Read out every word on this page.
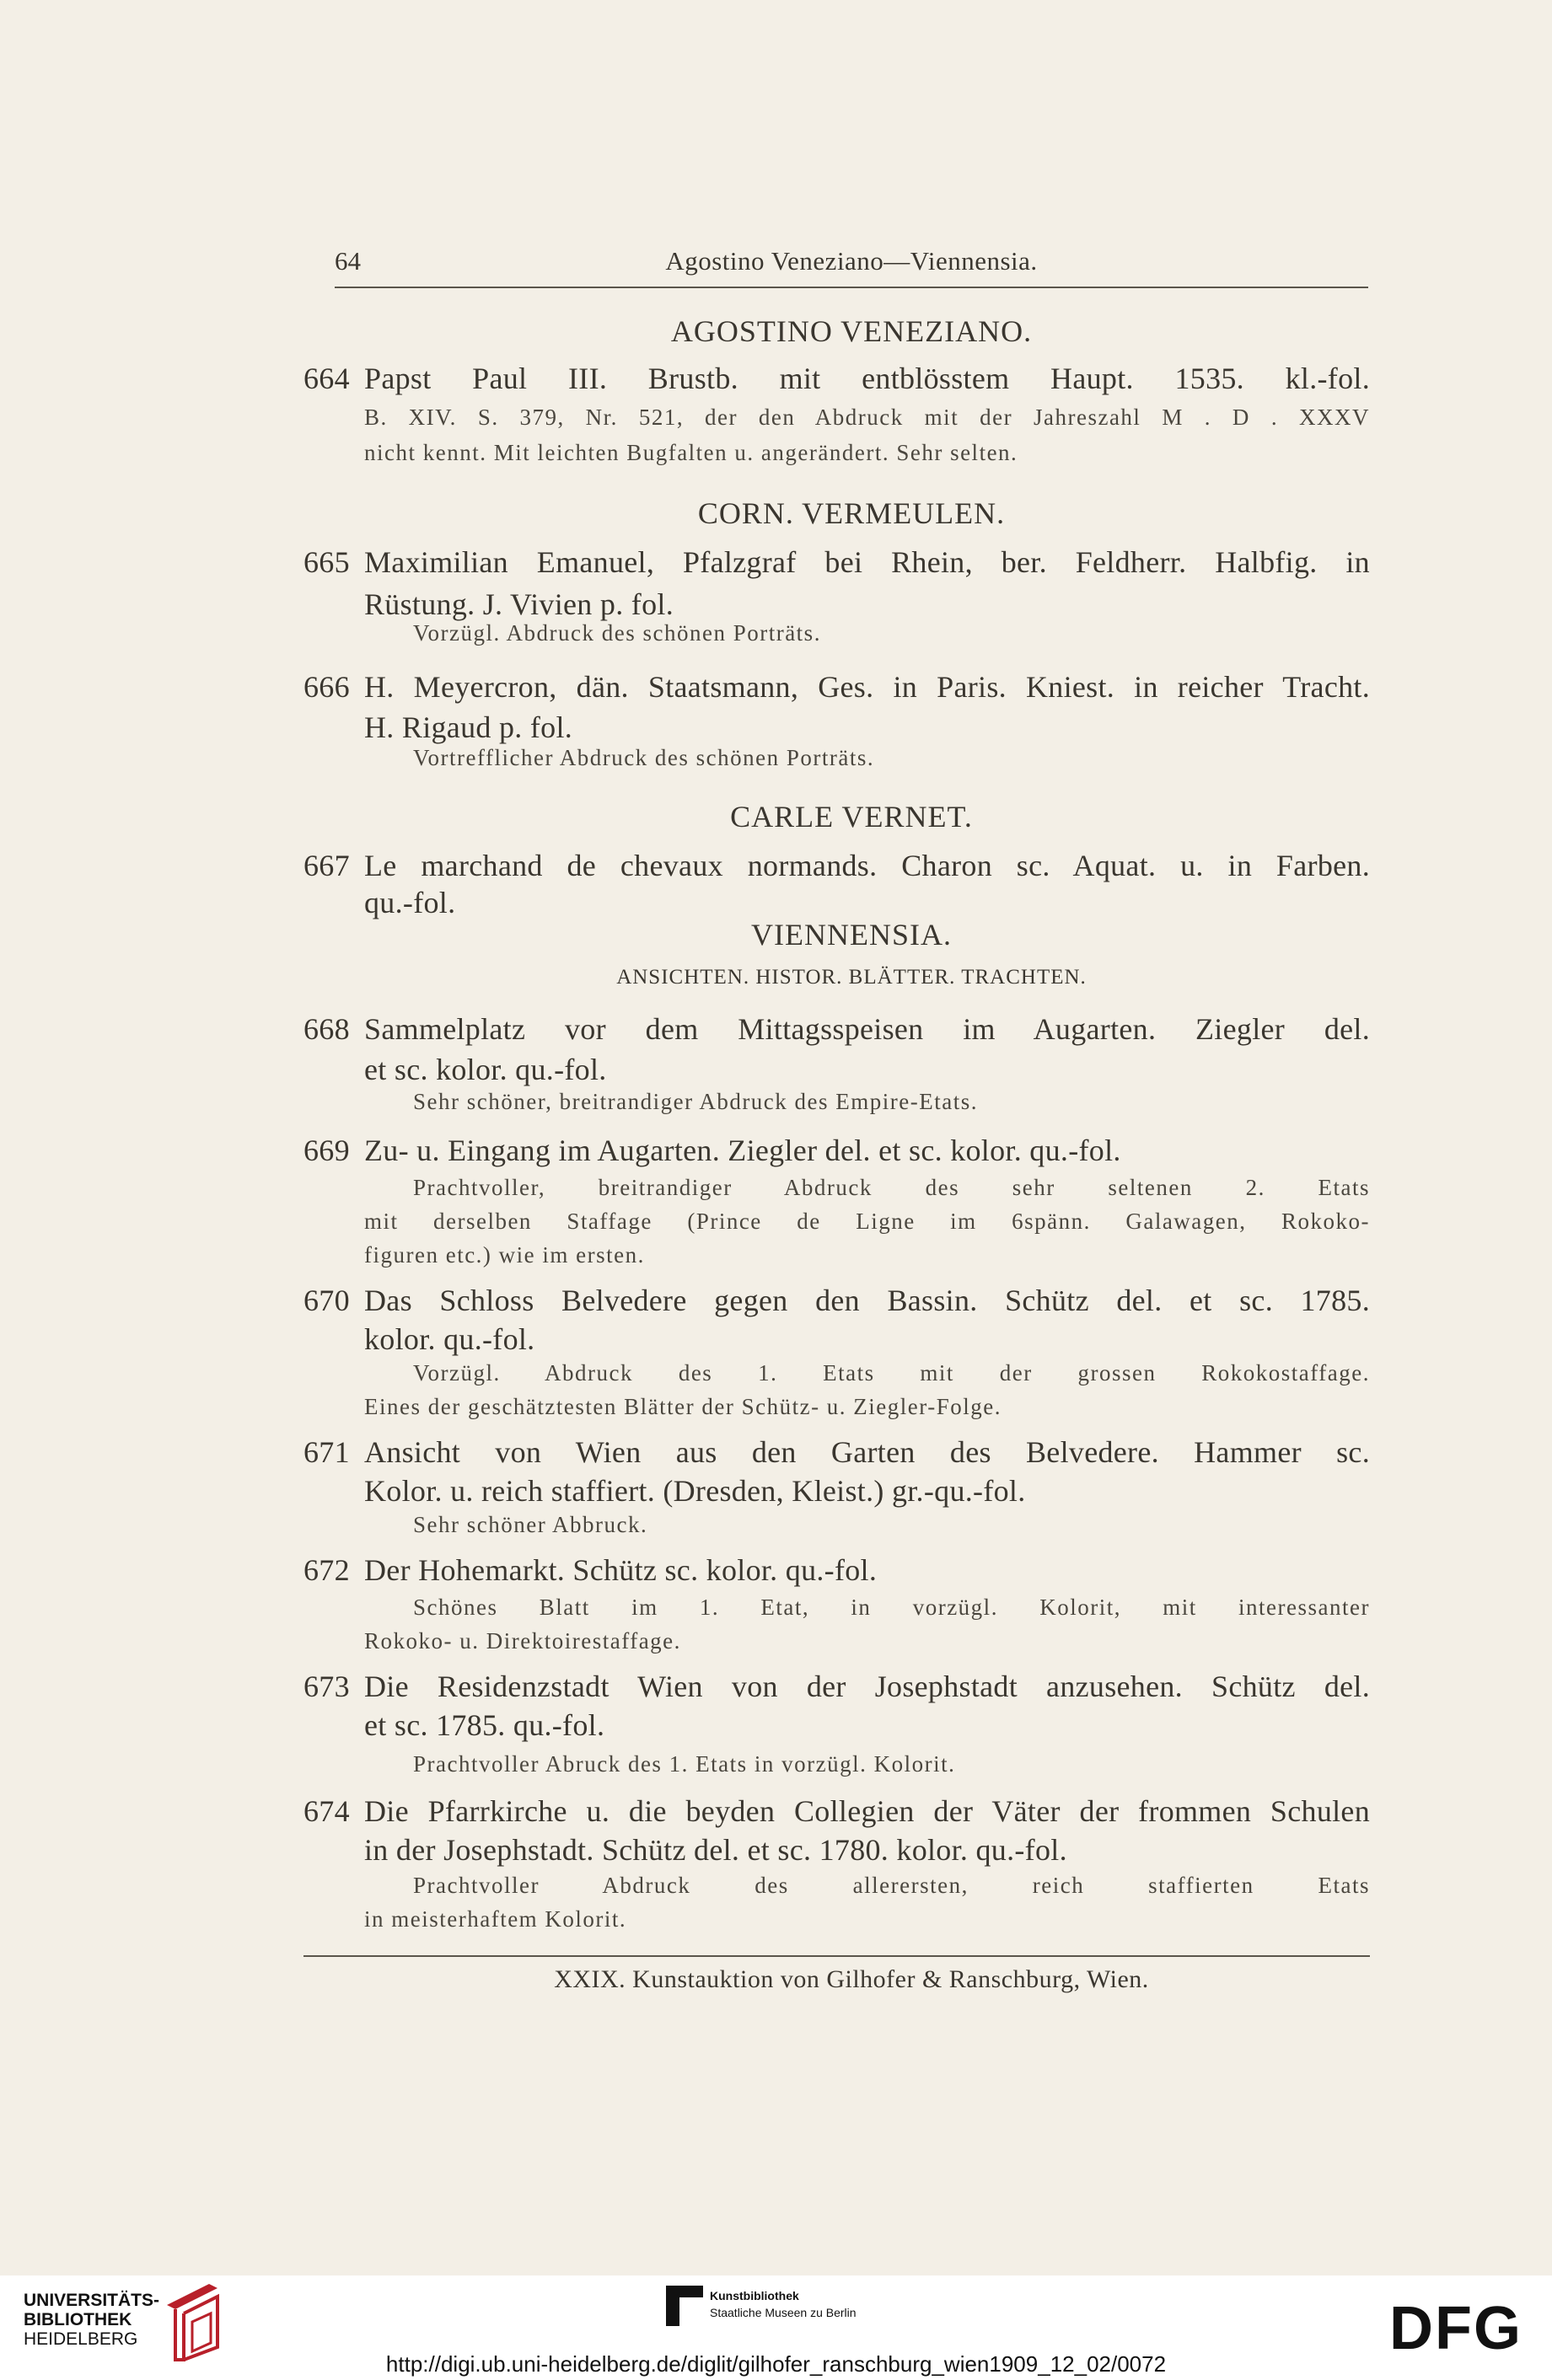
64	Agostino Veneziano—Viennensia.
AGOSTINO VENEZIANO.
664 Papst Paul III. Brustb. mit entblösstem Haupt. 1535. kl.-fol.
B. XIV. S. 379, Nr. 521, der den Abdruck mit der Jahreszahl M . D . XXXV
nicht kennt. Mit leichten Bugfalten u. angerändert. Sehr selten.
CORN. VERMEULEN.
665 Maximilian Emanuel, Pfalzgraf bei Rhein, ber. Feldherr. Halbfig. in
Rüstung. J. Vivien p. fol.
Vorzügl. Abdruck des schönen Porträts.
666 H. Meyercron, dän. Staatsmann, Ges. in Paris. Kniest. in reicher Tracht.
H. Rigaud p. fol.
Vortrefflicher Abdruck des schönen Porträts.
CARLE VERNET.
667 Le marchand de chevaux normands. Charon sc. Aquat. u. in Farben.
qu.-fol.
VIENNENSIA.
ANSICHTEN. HISTOR. BLÄTTER. TRACHTEN.
668 Sammelplatz vor dem Mittagsspeisen im Augarten. Ziegler del.
et sc. kolor. qu.-fol.
Sehr schöner, breitrandiger Abdruck des Empire-Etats.
669 Zu- u. Eingang im Augarten. Ziegler del. et sc. kolor. qu.-fol.
Prachtvoller, breitrandiger Abdruck des sehr seltenen 2. Etats
mit derselben Staffage (Prince de Ligne im 6spänn. Galawagen, Rokoko-
figuren etc.) wie im ersten.
670 Das Schloss Belvedere gegen den Bassin. Schütz del. et sc. 1785.
kolor. qu.-fol.
Vorzügl. Abdruck des 1. Etats mit der grossen Rokokostaffage.
Eines der geschätztesten Blätter der Schütz- u. Ziegler-Folge.
671 Ansicht von Wien aus den Garten des Belvedere. Hammer sc.
Kolor. u. reich staffiert. (Dresden, Kleist.) gr.-qu.-fol.
Sehr schöner Abbruck.
672 Der Hohemarkt. Schütz sc. kolor. qu.-fol.
Schönes Blatt im 1. Etat, in vorzügl. Kolorit, mit interessanter
Rokoko- u. Direktoirestaffage.
673 Die Residenzstadt Wien von der Josephstadt anzusehen. Schütz del.
et sc. 1785. qu.-fol.
Prachtvoller Abruck des 1. Etats in vorzügl. Kolorit.
674 Die Pfarrkirche u. die beyden Collegien der Väter der frommen Schulen
in der Josephstadt. Schütz del. et sc. 1780. kolor. qu.-fol.
Prachtvoller Abdruck des allerersten, reich staffierten Etats
in meisterhaftem Kolorit.
XXIX. Kunstauktion von Gilhofer & Ranschburg, Wien.
UNIVERSITÄTS-
BIBLIOTHEK
HEIDELBERG
Kunstbibliothek
Staatliche Museen zu Berlin	DFG
http://digi.ub.uni-heidelberg.de/diglit/gilhofer_ranschburg_wien1909_12_02/0072
